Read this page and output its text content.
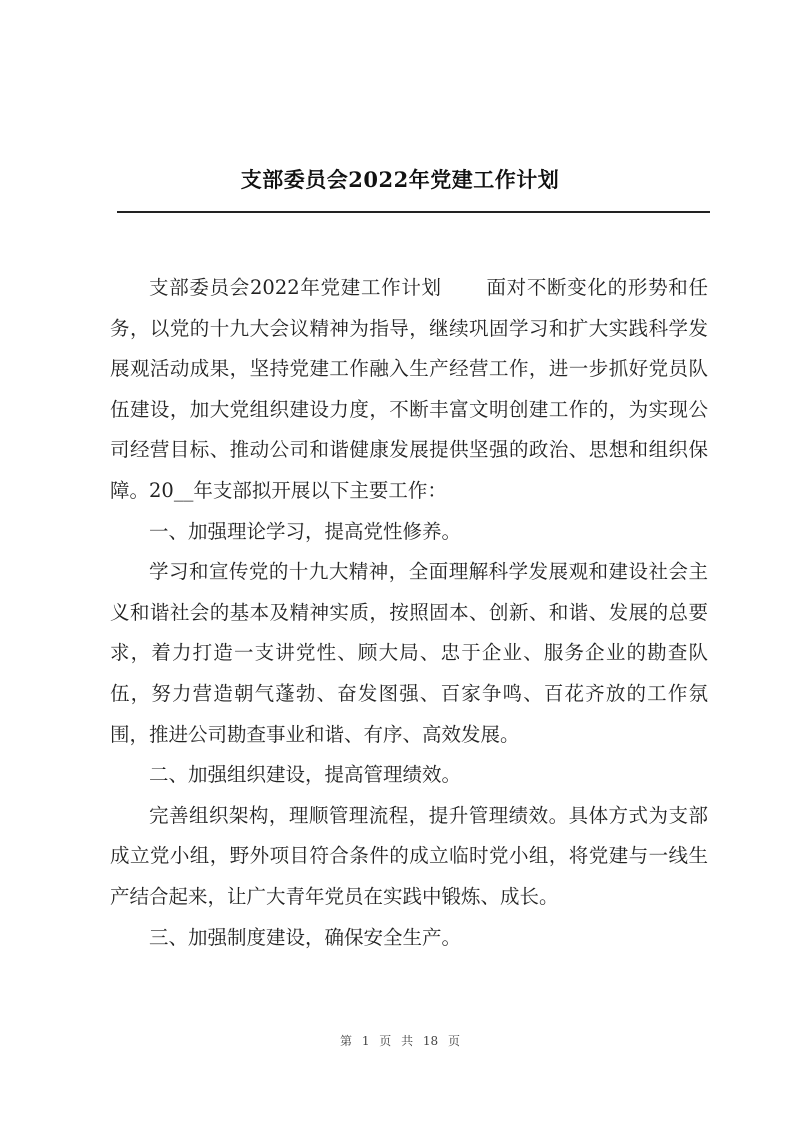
支部委员会2022年党建工作计划

支部委员会2022年党建工作计划 面对不断变化的形势和任务，以党的十九大会议精神为指导，继续巩固学习和扩大实践科学发展观活动成果，坚持党建工作融入生产经营工作，进一步抓好党员队伍建设，加大党组织建设力度，不断丰富文明创建工作的，为实现公司经营目标、推动公司和谐健康发展提供坚强的政治、思想和组织保障。20__年支部拟开展以下主要工作：

一、加强理论学习，提高党性修养。

学习和宣传党的十九大精神，全面理解科学发展观和建设社会主义和谐社会的基本及精神实质，按照固本、创新、和谐、发展的总要求，着力打造一支讲党性、顾大局、忠于企业、服务企业的勘查队伍，努力营造朝气蓬勃、奋发图强、百家争鸣、百花齐放的工作氛围，推进公司勘查事业和谐、有序、高效发展。

二、加强组织建设，提高管理绩效。

完善组织架构，理顺管理流程，提升管理绩效。具体方式为支部成立党小组，野外项目符合条件的成立临时党小组，将党建与一线生产结合起来，让广大青年党员在实践中锻炼、成长。

三、加强制度建设，确保安全生产。

第 1 页 共 18 页
